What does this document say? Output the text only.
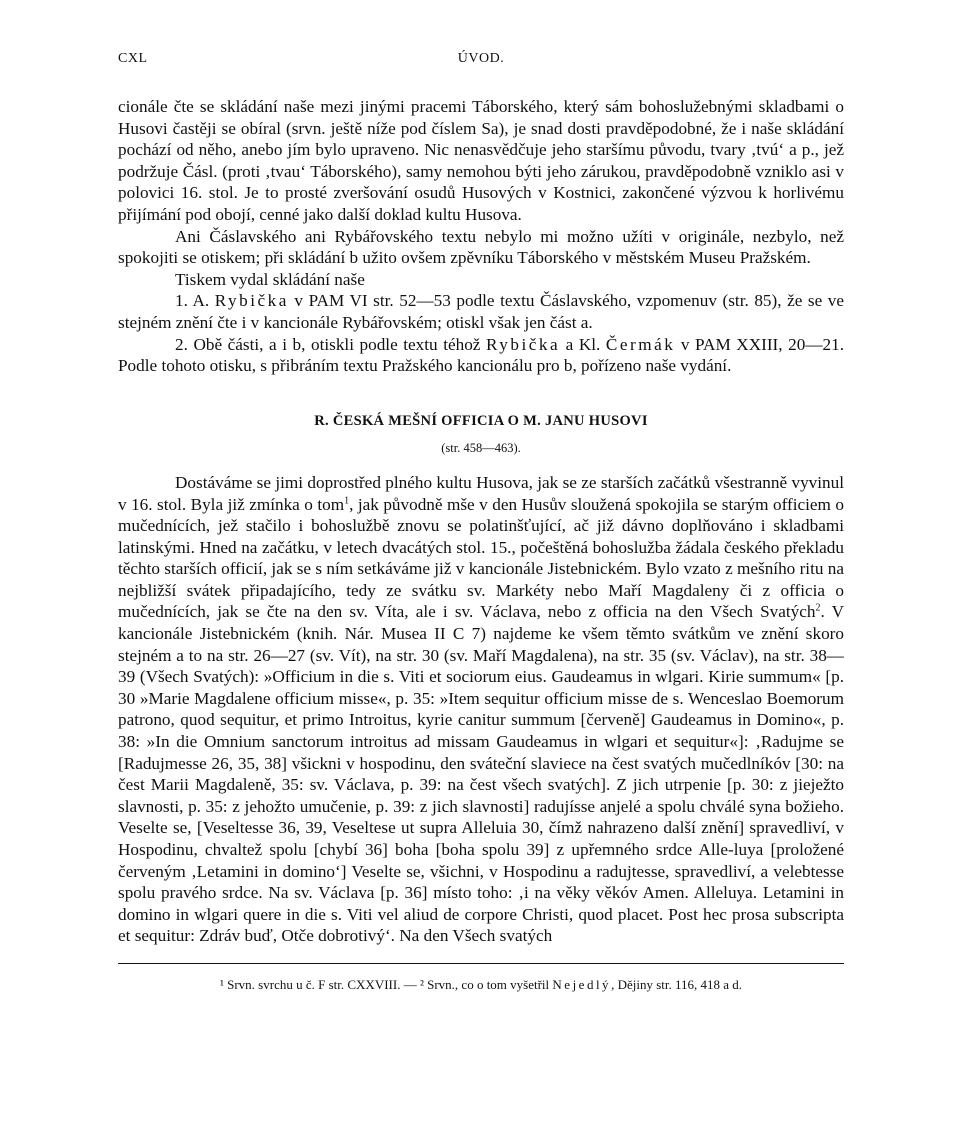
CXL	ÚVOD.

cionále čte se skládání naše mezi jinými pracemi Táborského, který sám bohoslužebnými skladbami o Husovi častěji se obíral (srvn. ještě níže pod číslem Sa), je snad dosti pravděpodobné, že i naše skládání pochází od něho, anebo jím bylo upraveno. Nic nenasvědčuje jeho staršímu původu, tvary ‚tvú‘ a p., jež podržuje Čásl. (proti ‚tvau‘ Táborského), samy nemohou býti jeho zárukou, pravděpodobně vzniklo asi v polovici 16. stol. Je to prosté zveršování osudů Husových v Kostnici, zakončené výzvou k horlivému přijímání pod obojí, cenné jako další doklad kultu Husova.

Ani Čáslavského ani Rybářovského textu nebylo mi možno užíti v originále, nezbylo, než spokojiti se otiskem; při skládání b užito ovšem zpěvníku Táborského v městském Museu Pražském.

Tiskem vydal skládání naše

1. A. Rybička v PAM VI str. 52—53 podle textu Čáslavského, vzpomenuv (str. 85), že se ve stejném znění čte i v kancionále Rybářovském; otiskl však jen část a.

2. Obě části, a i b, otiskli podle textu téhož Rybička a Kl. Čermák v PAM XXIII, 20—21. Podle tohoto otisku, s přibráním textu Pražského kancionálu pro b, pořízeno naše vydání.

R. ČESKÁ MEŠNÍ OFFICIA O M. JANU HUSOVI
(str. 458—463).

Dostáváme se jimi doprostřed plného kultu Husova, jak se ze starších začátků všestranně vyvinul v 16. stol. Byla již zmínka o tom$^1$, jak původně mše v den Husův sloužená spokojila se starým officiem o mučednících, jež stačilo i bohoslužbě znovu se polatinšťující, ač již dávno doplňováno i skladbami latinskými. Hned na začátku, v letech dvacátých stol. 15., počeštěná bohoslužba žádala českého překladu těchto starších officií, jak se s ním setkáváme již v kancionále Jistebnickém. Bylo vzato z mešního ritu na nejbližší svátek připadajícího, tedy ze svátku sv. Markéty nebo Maří Magdaleny či z officia o mučednících, jak se čte na den sv. Víta, ale i sv. Václava, nebo z officia na den Všech Svatých$^2$. V kancionále Jistebnickém (knih. Nár. Musea II C 7) najdeme ke všem těmto svátkům ve znění skoro stejném a to na str. 26—27 (sv. Vít), na str. 30 (sv. Maří Magdalena), na str. 35 (sv. Václav), na str. 38—39 (Všech Svatých): »Officium in die s. Viti et sociorum eius. Gaudeamus in wlgari. Kirie summum« [p. 30 »Marie Magdalene officium misse«, p. 35: »Item sequitur officium misse de s. Wenceslao Boemorum patrono, quod sequitur, et primo Introitus, kyrie canitur summum [červeně] Gaudeamus in Domino«, p. 38: »In die Omnium sanctorum introitus ad missam Gaudeamus in wlgari et sequitur«]: ‚Radujme se [Radujmesse 26, 35, 38] všickni v hospodinu, den sváteční slaviece na čest svatých mučedlníkóv [30: na čest Marii Magdaleně, 35: sv. Václava, p. 39: na čest všech svatých]. Z jich utrpenie [p. 30: z jieježto slavnosti, p. 35: z jehožto umučenie, p. 39: z jich slavnosti] radujísse anjelé a spolu chválé syna božieho. Veselte se, [Veseltesse 36, 39, Veseltese ut supra Alleluia 30, čímž nahrazeno další znění] spravedliví, v Hospodinu, chvaltež spolu [chybí 36] boha [boha spolu 39] z upřemného srdce Alle-luya [proložené červeným ‚Letamini in domino‘] Veselte se, všichni, v Hospodinu a radujtesse, spravedliví, a velebtesse spolu pravého srdce. Na sv. Václava [p. 36] místo toho: ‚i na věky věkóv Amen. Alleluya. Letamini in domino in wlgari quere in die s. Viti vel aliud de corpore Christi, quod placet. Post hec prosa subscripta et sequitur: Zdráv buď, Otče dobrotivý‘. Na den Všech svatých

¹ Srvn. svrchu u č. F str. CXXVIII. — ² Srvn., co o tom vyšetřil Nejedlý, Dějiny str. 116, 418 a d.
